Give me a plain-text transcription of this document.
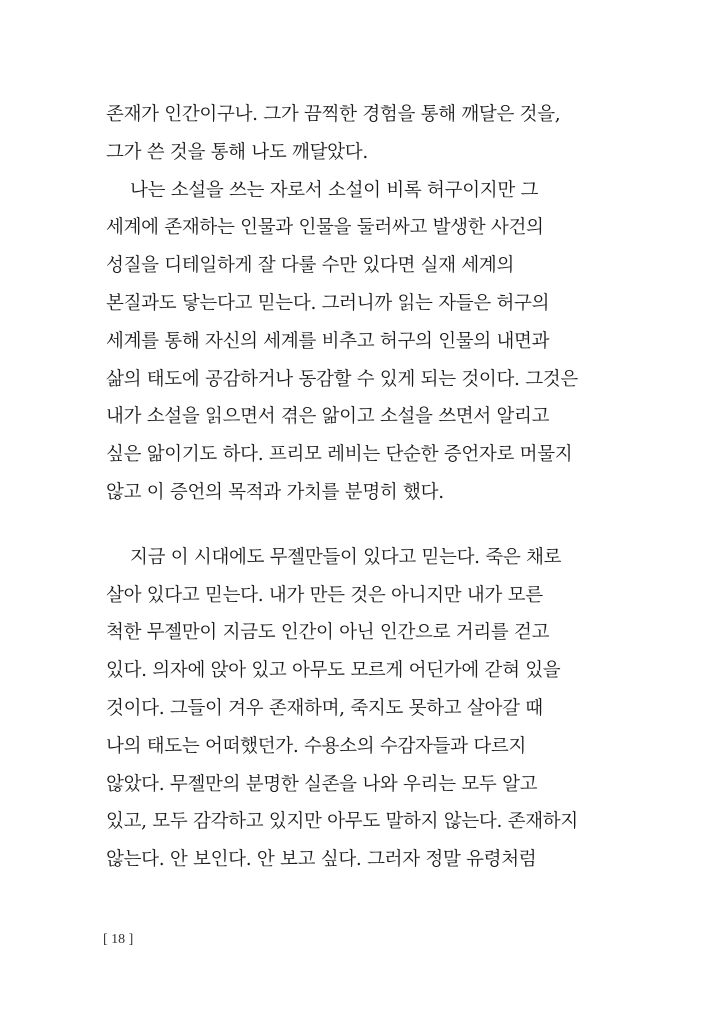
존재가 인간이구나. 그가 끔찍한 경험을 통해 깨달은 것을,
그가 쓴 것을 통해 나도 깨달았다.
나는 소설을 쓰는 자로서 소설이 비록 허구이지만 그
세계에 존재하는 인물과 인물을 둘러싸고 발생한 사건의
성질을 디테일하게 잘 다룰 수만 있다면 실재 세계의
본질과도 닿는다고 믿는다. 그러니까 읽는 자들은 허구의
세계를 통해 자신의 세계를 비추고 허구의 인물의 내면과
삶의 태도에 공감하거나 동감할 수 있게 되는 것이다. 그것은
내가 소설을 읽으면서 겪은 앎이고 소설을 쓰면서 알리고
싶은 앎이기도 하다. 프리모 레비는 단순한 증언자로 머물지
않고 이 증언의 목적과 가치를 분명히 했다.
지금 이 시대에도 무젤만들이 있다고 믿는다. 죽은 채로
살아 있다고 믿는다. 내가 만든 것은 아니지만 내가 모른
척한 무젤만이 지금도 인간이 아닌 인간으로 거리를 걷고
있다. 의자에 앉아 있고 아무도 모르게 어딘가에 갇혀 있을
것이다. 그들이 겨우 존재하며, 죽지도 못하고 살아갈 때
나의 태도는 어떠했던가. 수용소의 수감자들과 다르지
않았다. 무젤만의 분명한 실존을 나와 우리는 모두 알고
있고, 모두 감각하고 있지만 아무도 말하지 않는다. 존재하지
않는다. 안 보인다. 안 보고 싶다. 그러자 정말 유령처럼
[ 18 ]
